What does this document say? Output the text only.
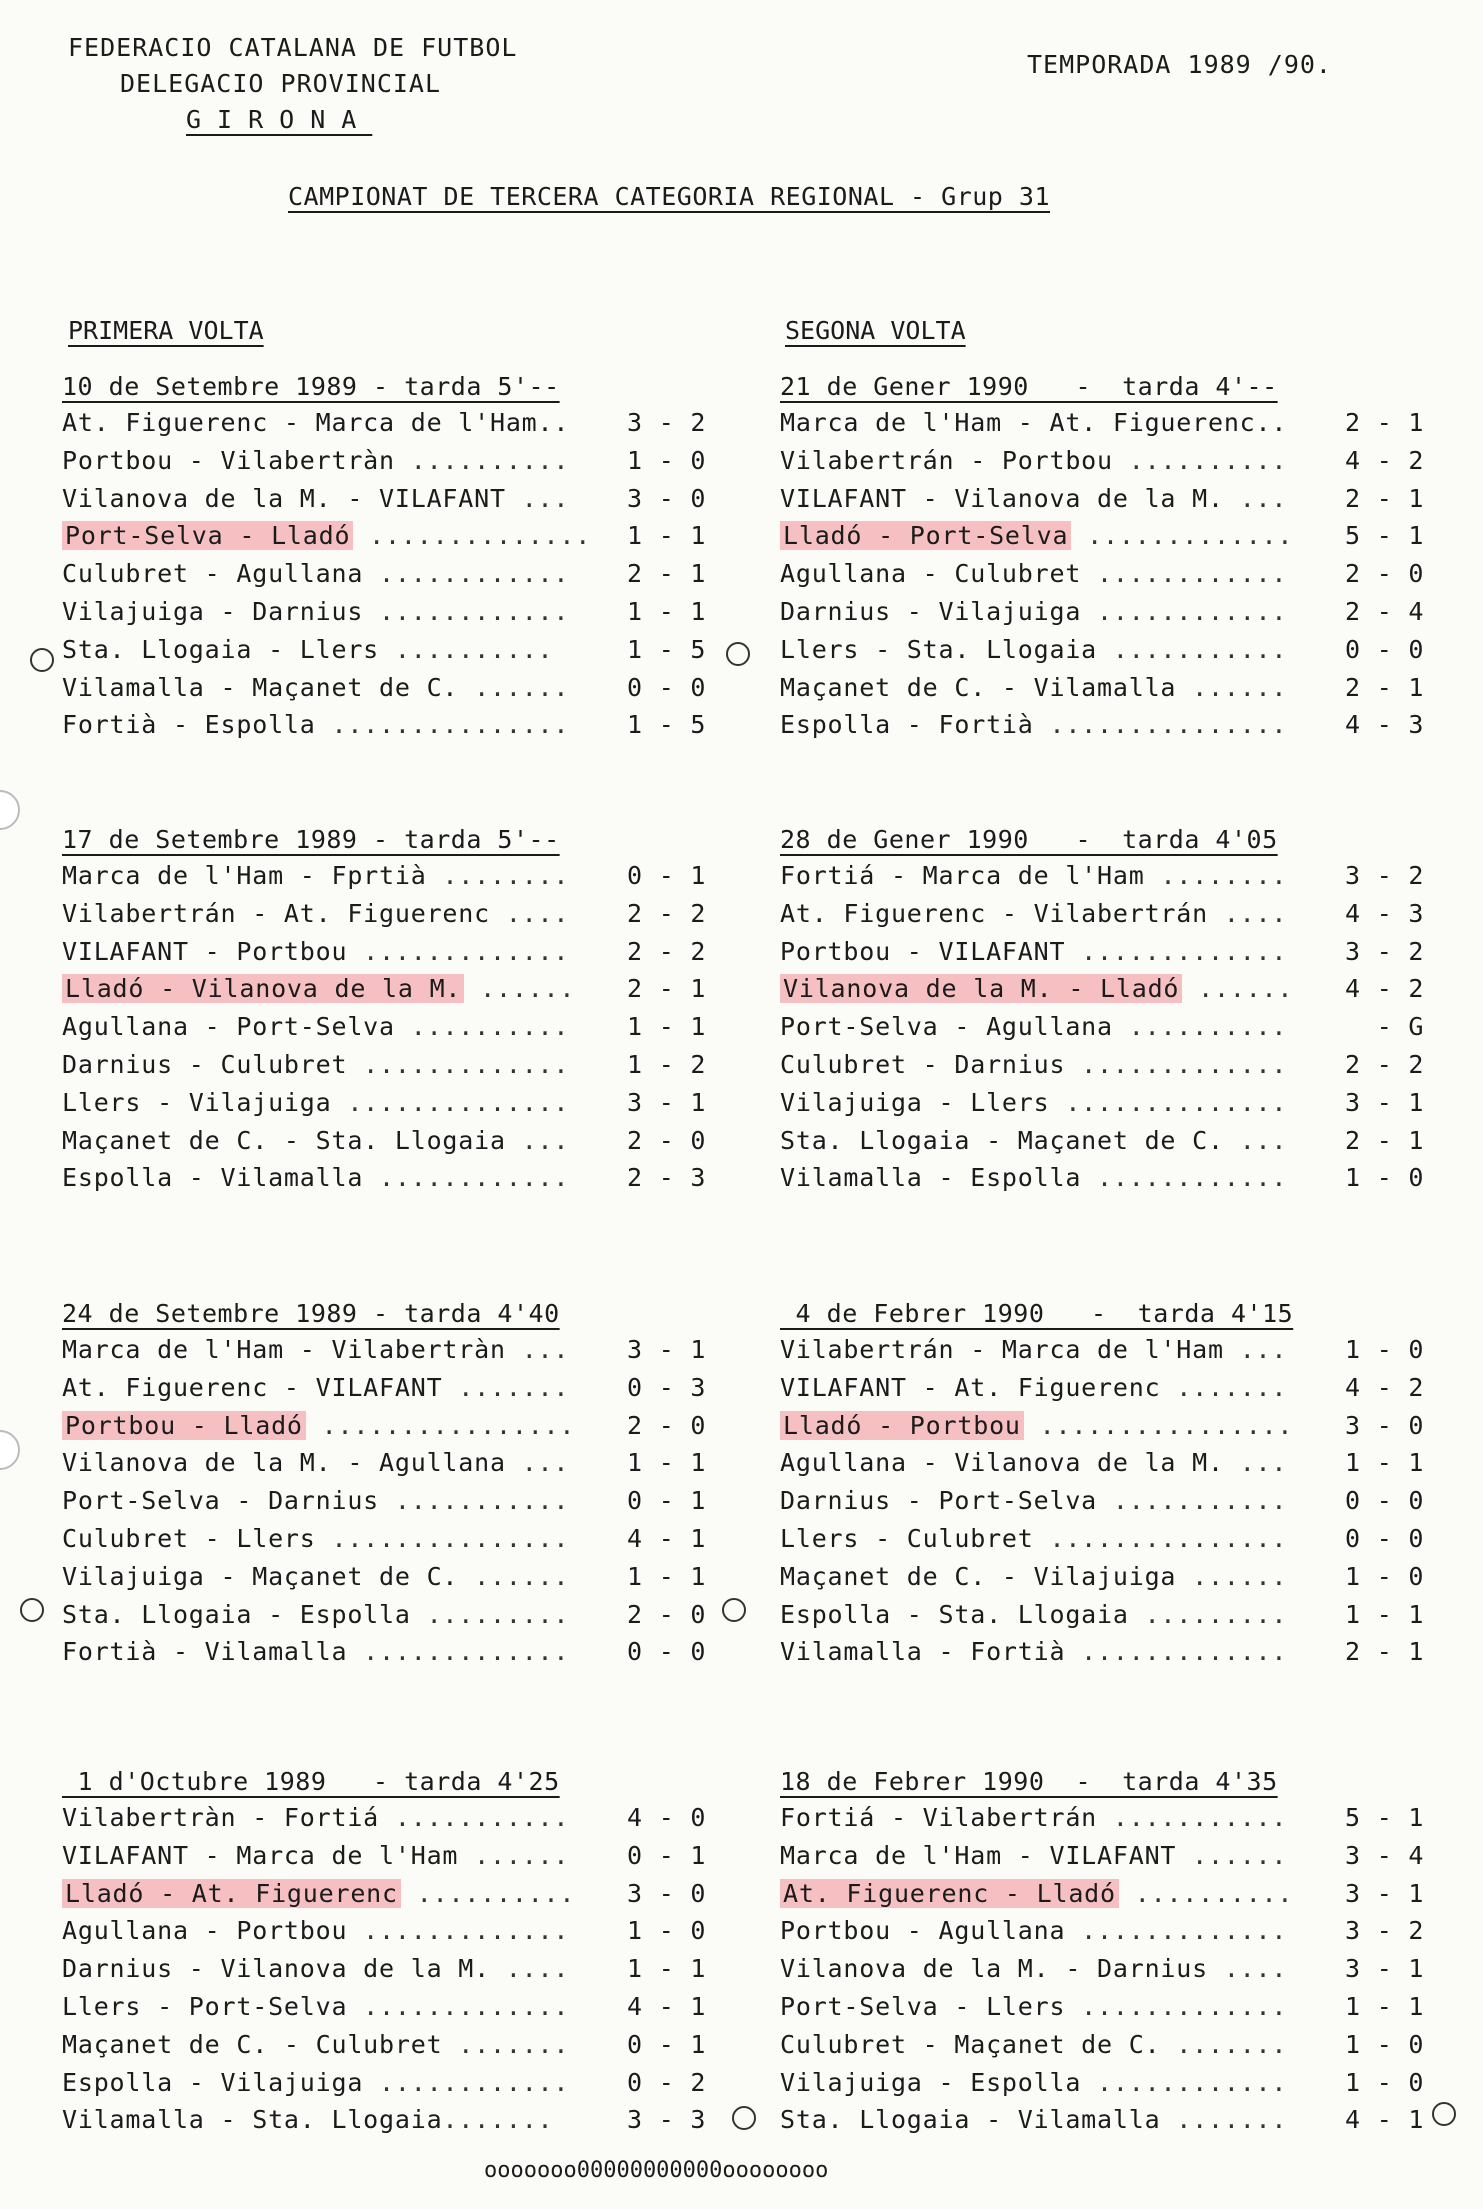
FEDERACIO CATALANA DE FUTBOL
DELEGACIO PROVINCIAL
GIRONA
TEMPORADA 1989 /90.
CAMPIONAT DE TERCERA CATEGORIA REGIONAL - Grup 31
PRIMERA VOLTA	SEGONA VOLTA
10 de Setembre 1989 - tarda 5'--
At. Figuerenc - Marca de l'Ham.. 3 - 2
Portbou - Vilabertràn .......... 1 - 0
Vilanova de la M. - VILAFANT ... 3 - 0
Port-Selva - Lladó .............. 1 - 1
Culubret - Agullana ............ 2 - 1
Vilajuiga - Darnius ............ 1 - 1
Sta. Llogaia - Llers ..........	1 - 5
Vilamalla - Maçanet de C. ...... 0 - 0
Fortià - Espolla ............... 1 - 5
17 de Setembre 1989 - tarda 5'--
Marca de l'Ham - Fprtià ........ 0 - 1
Vilabertrán - At. Figuerenc .... 2 - 2
VILAFANT - Portbou ............. 2 - 2
Lladó - Vilanova de la M. ...... 2 - 1
Agullana - Port-Selva .......... 1 - 1
Darnius - Culubret ............. 1 - 2
Llers - Vilajuiga .............. 3 - 1
Maçanet de C. - Sta. Llogaia ... 2 - 0
Espolla - Vilamalla ............ 2 - 3
24 de Setembre 1989 - tarda 4'40
Marca de l'Ham - Vilabertràn ... 3 - 1
At. Figuerenc - VILAFANT ....... 0 - 3
Portbou - Lladó ................ 2 - 0
Vilanova de la M. - Agullana ... 1 - 1
Port-Selva - Darnius ........... 0 - 1
Culubret - Llers ............... 4 - 1
Vilajuiga - Maçanet de C. ...... 1 - 1
Sta. Llogaia - Espolla ......... 2 - 0
Fortià - Vilamalla ............. 0 - 0
1 d'Octubre 1989   - tarda 4'25
Vilabertràn - Fortiá ........... 4 - 0
VILAFANT - Marca de l'Ham ...... 0 - 1
Lladó - At. Figuerenc .......... 3 - 0
Agullana - Portbou ............. 1 - 0
Darnius - Vilanova de la M. .... 1 - 1
Llers - Port-Selva ............. 4 - 1
Maçanet de C. - Culubret ....... 0 - 1
Espolla - Vilajuiga ............ 0 - 2
Vilamalla - Sta. Llogaia.......	3 - 3
21 de Gener 1990   -  tarda 4'--
Marca de l'Ham - At. Figuerenc.. 2 - 1
Vilabertrán - Portbou .......... 4 - 2
VILAFANT - Vilanova de la M. ... 2 - 1
Lladó - Port-Selva ............. 5 - 1
Agullana - Culubret ............ 2 - 0
Darnius - Vilajuiga ............ 2 - 4
Llers - Sta. Llogaia ........... 0 - 0
Maçanet de C. - Vilamalla ...... 2 - 1
Espolla - Fortià ............... 4 - 3
28 de Gener 1990   -  tarda 4'05
Fortiá - Marca de l'Ham ........ 3 - 2
At. Figuerenc - Vilabertrán .... 4 - 3
Portbou - VILAFANT ............. 3 - 2
Vilanova de la M. - Lladó ...... 4 - 2
Port-Selva - Agullana .......... - G
Culubret - Darnius ............. 2 - 2
Vilajuiga - Llers .............. 3 - 1
Sta. Llogaia - Maçanet de C. ... 2 - 1
Vilamalla - Espolla ............ 1 - 0
4 de Febrer 1990   -  tarda 4'15
Vilabertrán - Marca de l'Ham ... 1 - 0
VILAFANT - At. Figuerenc ....... 4 - 2
Lladó - Portbou ................ 3 - 0
Agullana - Vilanova de la M. ... 1 - 1
Darnius - Port-Selva ........... 0 - 0
Llers - Culubret ............... 0 - 0
Maçanet de C. - Vilajuiga ...... 1 - 0
Espolla - Sta. Llogaia ......... 1 - 1
Vilamalla - Fortià ............. 2 - 1
18 de Febrer 1990  -  tarda 4'35
Fortiá - Vilabertrán ........... 5 - 1
Marca de l'Ham - VILAFANT ...... 3 - 4
At. Figuerenc - Lladó .......... 3 - 1
Portbou - Agullana ............. 3 - 2
Vilanova de la M. - Darnius .... 3 - 1
Port-Selva - Llers ............. 1 - 1
Culubret - Maçanet de C. ....... 1 - 0
Vilajuiga - Espolla ............ 1 - 0
Sta. Llogaia - Vilamalla ....... 4 - 1
ooooooo00000000000oooooooo
